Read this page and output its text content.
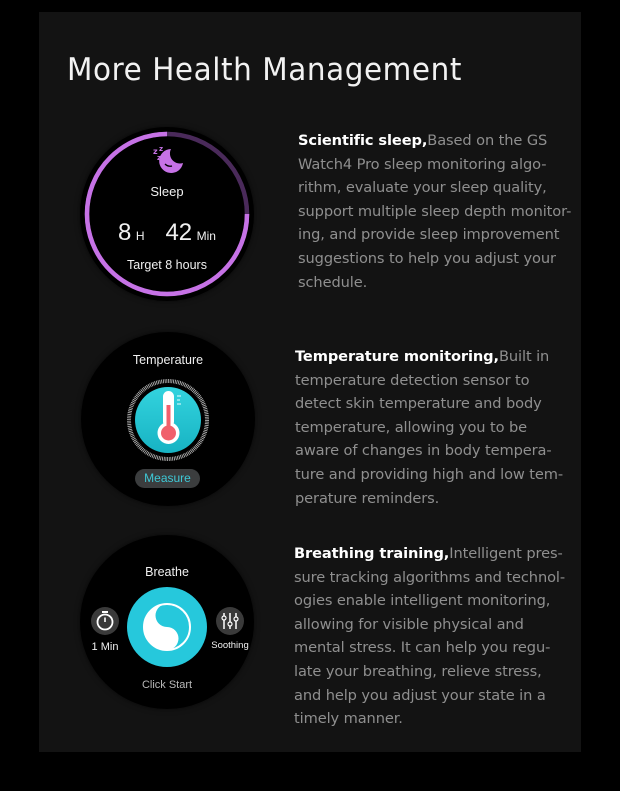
More Health Management
z z
z
Sleep
8 H 42 Min
Target 8 hours
Scientific sleep,Based on the GS
Watch4 Pro sleep monitoring algo-
rithm, evaluate your sleep quality,
support multiple sleep depth monitor-
ing, and provide sleep improvement
suggestions to help you adjust your
schedule.
Temperature
Measure
Temperature monitoring,Built in
temperature detection sensor to
detect skin temperature and body
temperature, allowing you to be
aware of changes in body tempera-
ture and providing high and low tem-
perature reminders.
Breathe
1 Min	Soothing
Click Start
Breathing training,Intelligent pres-
sure tracking algorithms and technol-
ogies enable intelligent monitoring,
allowing for visible physical and
mental stress. It can help you regu-
late your breathing, relieve stress,
and help you adjust your state in a
timely manner.
